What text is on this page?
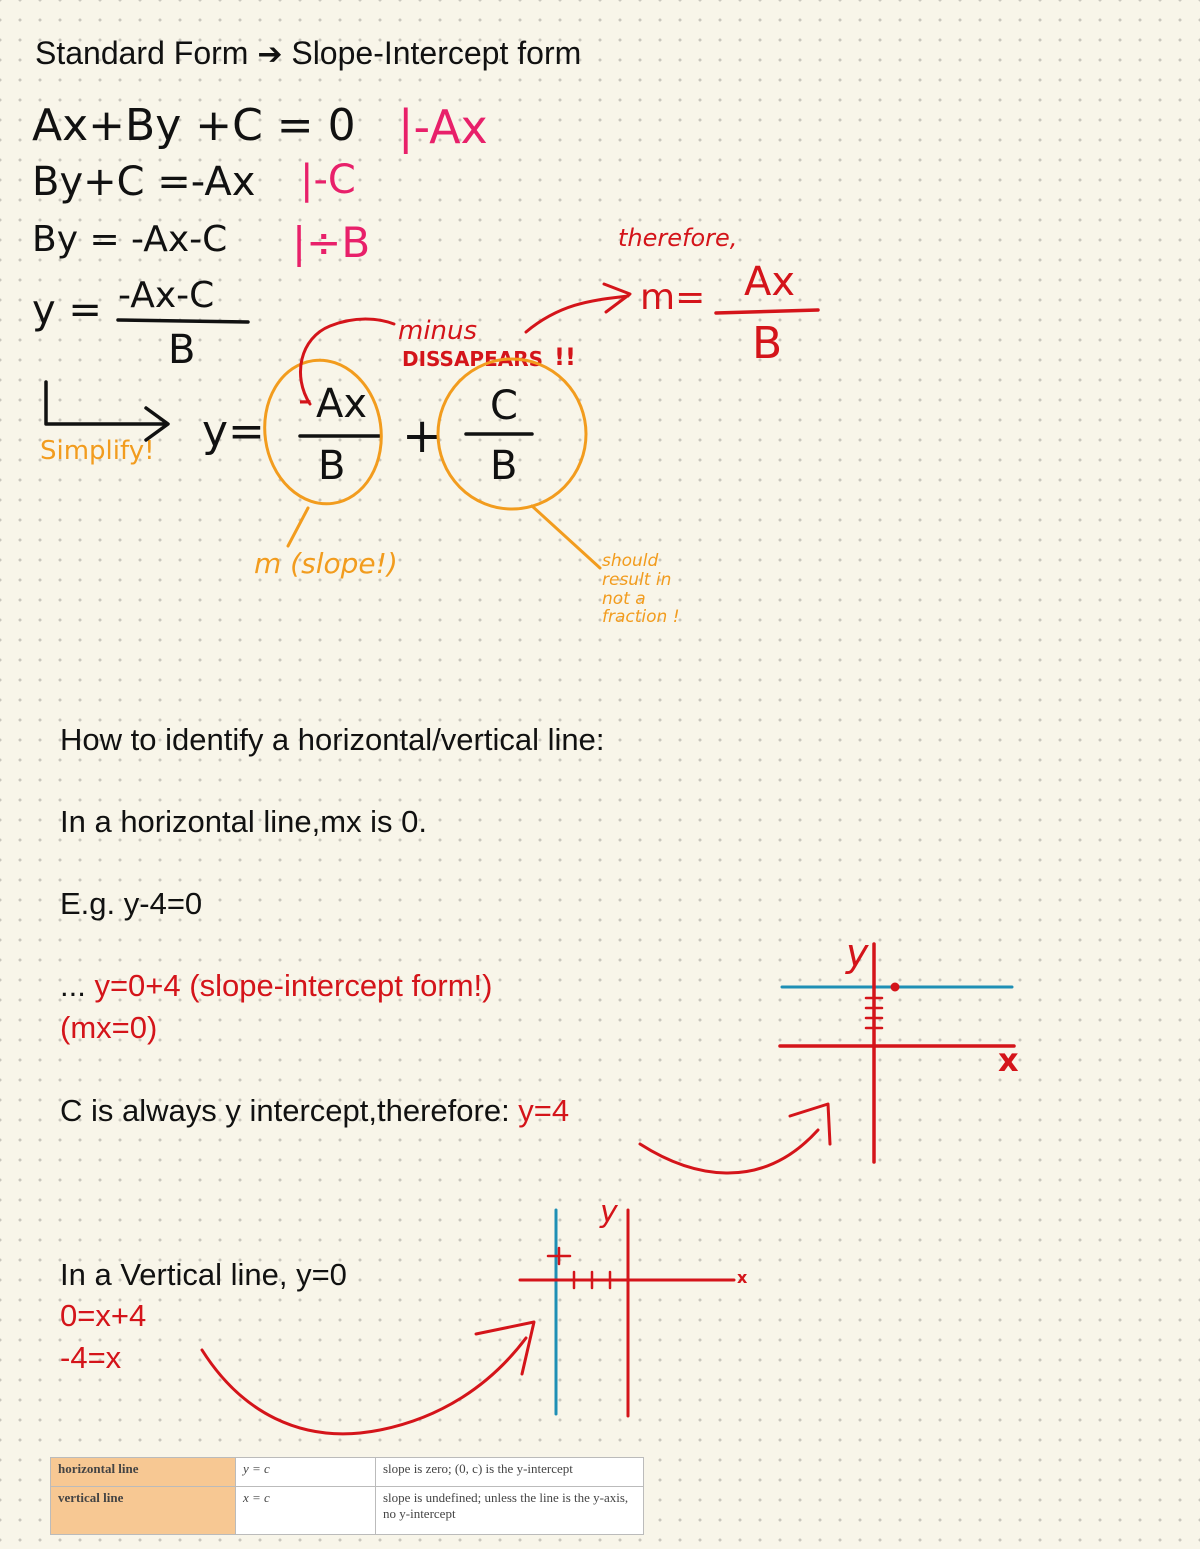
Standard Form ➔ Slope-Intercept form
Ax+By +C = 0 |-Ax
By+C =-Ax |-C
By = -Ax-C |÷B
y = -Ax-C
B
Simplify! y=
- Ax
B
+
C
B
minus
DISSAPEARS !!
m (slope!)	should
result in
not a
fraction !
therefore,
m= Ax
B
How to identify a horizontal/vertical line:
In a horizontal line,mx is 0.
E.g. y-4=0
... y=0+4 (slope-intercept form!)
(mx=0)
C is always y intercept,therefore: y=4
In a Vertical line, y=0
0=x+4
-4=x
y
x
y
x
horizontal line	y = c	slope is zero; (0, c) is the y-intercept
vertical line	x = c	slope is undefined; unless the line is the y-axis, no y-intercept
